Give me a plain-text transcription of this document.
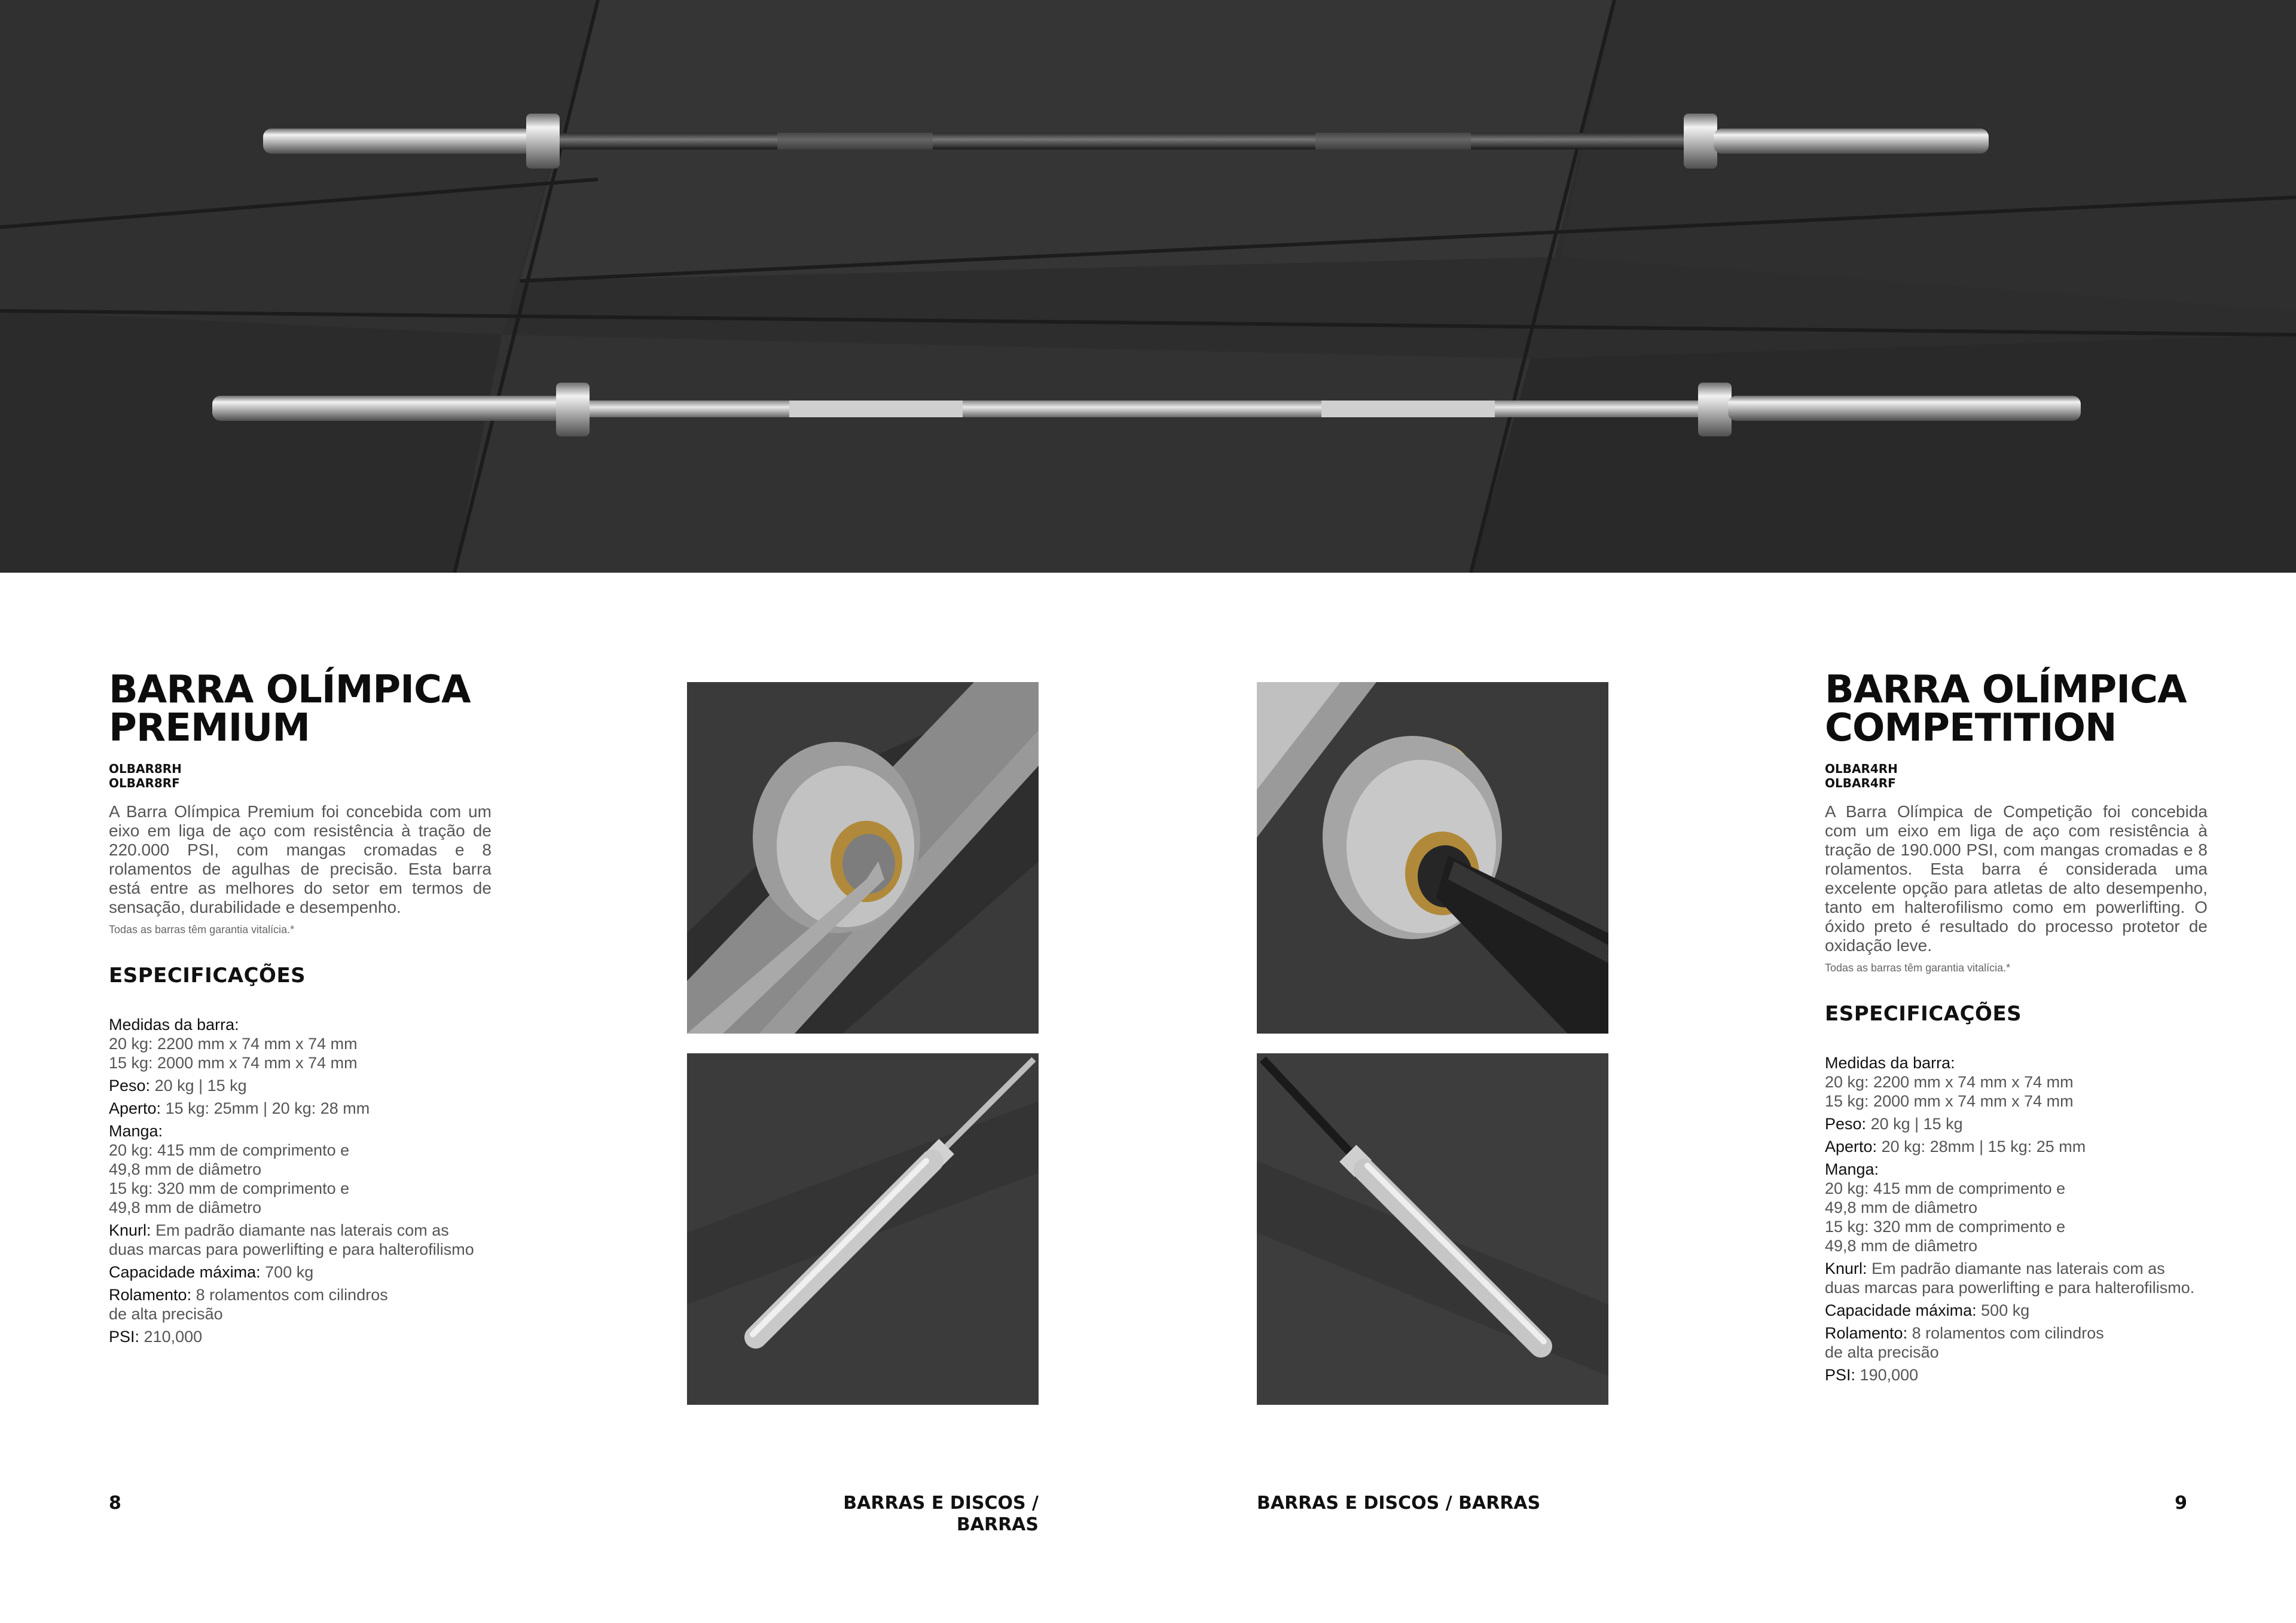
BARRA OLÍMPICA
PREMIUM
OLBAR8RH
OLBAR8RF
A Barra Olímpica Premium foi concebida com um eixo em liga de aço com resistência à tração de 220.000 PSI, com mangas cromadas e 8 rolamentos de agulhas de precisão. Esta barra está entre as melhores do setor em termos de sensação, durabilidade e desempenho.
Todas as barras têm garantia vitalícia.*
ESPECIFICAÇÕES
Medidas da barra:
20 kg: 2200 mm x 74 mm x 74 mm
15 kg: 2000 mm x 74 mm x 74 mm
Peso: 20 kg | 15 kg
Aperto: 15 kg: 25mm | 20 kg: 28 mm
Manga:
20 kg: 415 mm de comprimento e
49,8 mm de diâmetro
15 kg: 320 mm de comprimento e
49,8 mm de diâmetro
Knurl: Em padrão diamante nas laterais com as
duas marcas para powerlifting e para halterofilismo
Capacidade máxima: 700 kg
Rolamento: 8 rolamentos com cilindros
de alta precisão
PSI: 210,000
BARRA OLÍMPICA
COMPETITION
OLBAR4RH
OLBAR4RF
A Barra Olímpica de Competição foi concebida com um eixo em liga de aço com resistência à tração de 190.000 PSI, com mangas cromadas e 8 rolamentos. Esta barra é considerada uma excelente opção para atletas de alto desempenho, tanto em halterofilismo como em powerlifting. O óxido preto é resultado do processo protetor de oxidação leve.
Todas as barras têm garantia vitalícia.*
ESPECIFICAÇÕES
Medidas da barra:
20 kg: 2200 mm x 74 mm x 74 mm
15 kg: 2000 mm x 74 mm x 74 mm
Peso: 20 kg | 15 kg
Aperto: 20 kg: 28mm | 15 kg: 25 mm
Manga:
20 kg: 415 mm de comprimento e
49,8 mm de diâmetro
15 kg: 320 mm de comprimento e
49,8 mm de diâmetro
Knurl: Em padrão diamante nas laterais com as
duas marcas para powerlifting e para halterofilismo.
Capacidade máxima: 500 kg
Rolamento: 8 rolamentos com cilindros
de alta precisão
PSI: 190,000
8	BARRAS E DISCOS / BARRAS
BARRAS E DISCOS / BARRAS	9
